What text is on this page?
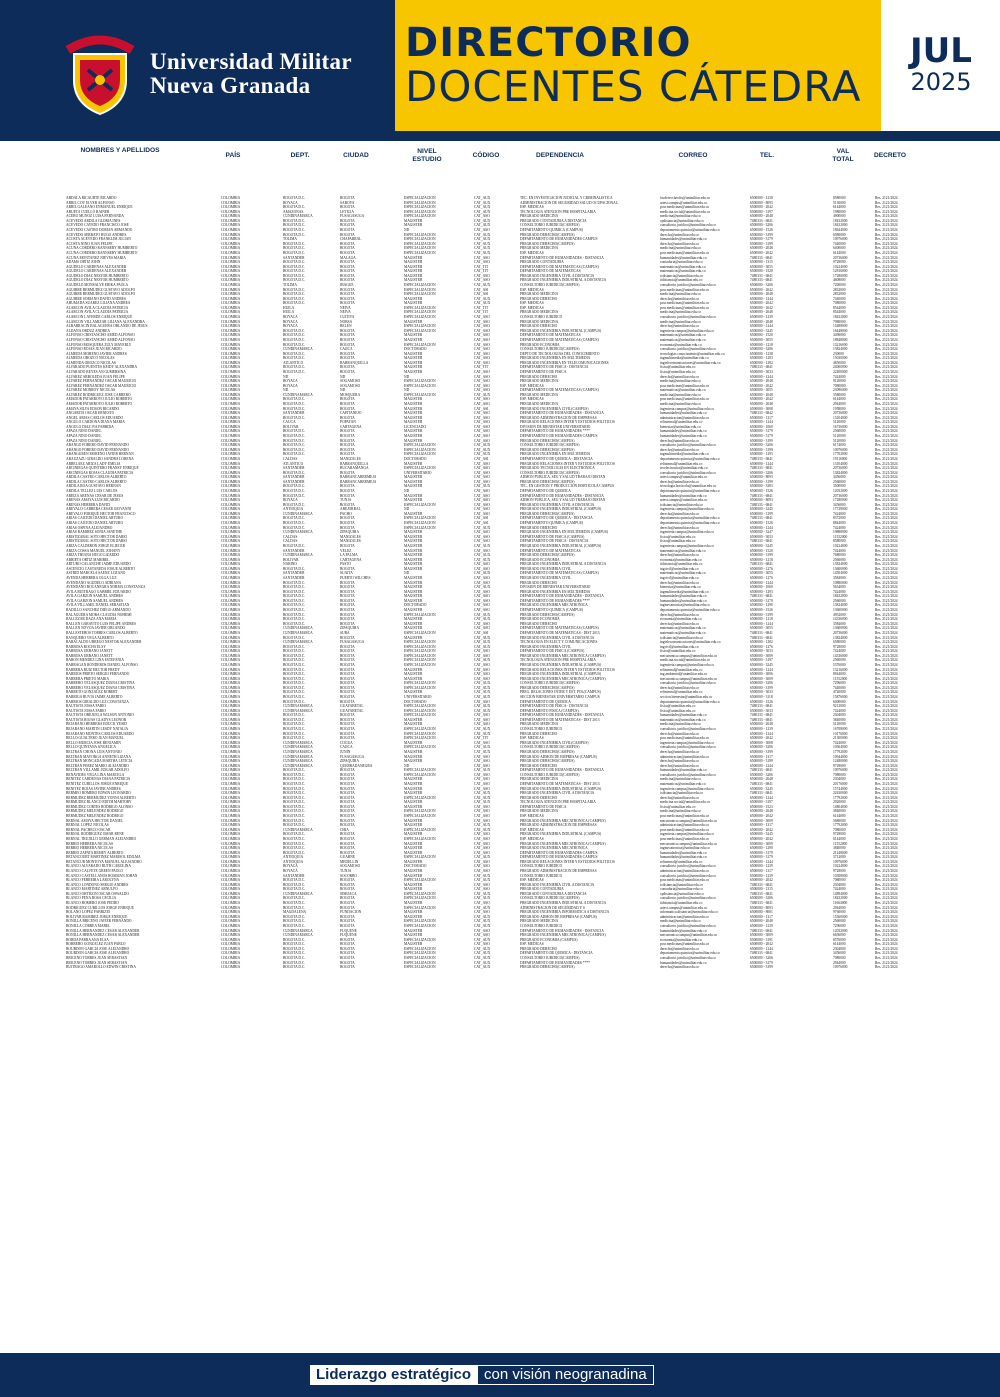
Universidad Militar
Nueva Granada
DIRECTORIO
DOCENTES CÁTEDRA
JUL
2025
NOMBRES Y APELLIDOS
PAÍS	DEPT.	CIUDAD
NIVEL ESTUDIO
CÓDIGO	DEPENDENCIA	CORREO	TEL.
VAL TOTAL
DECRETO
ABDALA RICAURTE RICARDO	COLOMBIA	BOGOTA D.C.	BOGOTA	ESPECIALIZACION	CAT_AUX	TEC. EN INVESTIGACION JUDICIAL Y CRIMINALISTICA	facdereccheofis@unimilitar.edu.co	6500000 - 1230	8580000	Res. 2121/2024
ABRIL COY ELVER ALFONSO	COLOMBIA	BOYACA	SABOYA	ESPECIALIZACION	CAT_AUX	ADMINISTRACION DE SEGURIDAD SALUD OCUPACIONAL	artest.campus@unimilitar.edu.co	6500000 - 8093	5130000	Res. 2121/2024
ABRIL GALEANO ENMANUEL ENRIQUE	COLOMBIA	BOGOTA D.C.	BOGOTA	ESPECIALIZACION	CAT_AUX	ESP. MEDICAS	posr.medicinas@unimilitar.edu.co	6500000 - 2042	6144000	Res. 2121/2024
ABUETA CUELLO RAINER	COLOMBIA	AMAZONAS	LETICIA	ESPECIALIZACION	CAT_AUX	TECNOLOGIA ATENCION PRE HOSPITALARIA	medicina.social@unimilitar.edu.co	6500000 - 3197	1980000	Res. 2121/2024
ACERO MUÑOZ LUISA FERNANDA	COLOMBIA	CUNDINAMARCA	FUSAGASUGA	ESPECIALIZACION	CAT_ASO	PREGRADO MEDICINA	medicina@unimilitar.edu.co	6500000 - 2048	4900000	Res. 2121/2024
ACEVEDO ARDILA GLORIA INES	COLOMBIA	BOGOTA D.C.	BOGOTA	MAGISTER	CAT_AUX	PREGRADO CONTADURIA A DISTANCIA	cpdistancia@unimilitar.edu.co	7480333 - 6841	18432000	Res. 2121/2024
ACEVEDO CAYEDO FRANCISCO JOSE	COLOMBIA	BOGOTA D.C.	BOGOTA	MAGISTER	CAT_AUX	CONSULTORIO JURIDICO(CAMPUS)	consultorio.juridico@unimilitar.edu.co	6500000 - 3206	18432000	Res. 2121/2024
ACEVEDO CASTRO DORIAN ARMANDO	COLOMBIA	BOGOTA D.C.	BOGOTA	ND	CAT_ASO	DEPARTAMENTO QUIMICA (CAMPUS)	departamento.quimica@unimilitar.edu.co	6500000 - 1526	18644000	Res. 2121/2024
ACEVEDO SERRATO HUGO ANDRES	COLOMBIA	BOGOTA D.C.	BOGOTA	ESPECIALIZACION	CAT_AUX	PREGRADO DERECHO(CAMPUS)	derecho@unimilitar.edu.co	6500000 - 3199	6580000	Res. 2121/2024
ACOSTA ACEVEDO FRANKLIM JULIAN	COLOMBIA	TOLIMA	CHAPARRAL	ESPECIALIZACION	CAT_AUX	DEPARTAMENTO DE HUMANIDADES CAMPUS	humanidades@unimilitar.edu.co	6500000 - 3179	10976000	Res. 2121/2024
ACOSTA NIÑO JUAN FELIPE	COLOMBIA	BOGOTA D.C.	BOGOTA	ESPECIALIZACION	CAT_AUX	PREGRADO DERECHO(CAMPUS)	derecho@unimilitar.edu.co	6500000 - 3199	7440000	Res. 2121/2024
ACUÑA CORDERO RANNSERY HUMBERTO	COLOMBIA	BOGOTA D.C.	BOGOTA	ESPECIALIZACION	CAT_AUX	PREGRADO MEDICINA	medicina@unimilitar.edu.co	6500000 - 2048	6400000	Res. 2121/2024
ACUÑA CORDERO RANNSERY HUMBERTO	COLOMBIA	BOGOTA D.C.	BOGOTA	ESPECIALIZACION	CAT_AUX	ESP. MEDICAS	posr.medicinas@unimilitar.edu.co	6500000 - 2042	6144000	Res. 2121/2024
ACUÑA MONTAÑEZ NIEVES MARIA	COLOMBIA	SANTANDER	MALAGA	MAGISTER	CAT_ASO	DEPARTAMENTO DE HUMANIDADES - DISTANCIA	humanidades@unimilitar.edu.co	7480333 - 6841	20736000	Res. 2121/2024
ADAMS ORTIZ JOHN	COLOMBIA	BOGOTA D.C.	BOGOTA	MAGISTER	CAT_ASO	PREGRADO CONTADURIA	contaduria@unimilitar.edu.co	6500000 - 1315	9728000	Res. 2121/2024
AGUDELO CARDENAS ALEXANDER	COLOMBIA	BOGOTA D.C.	BOGOTA	MAGISTER	CAT_TIT	DEPARTAMENTO DE MATEMATICAS (CAMPUS)	matematicas@unimilitar.edu.co	6500000 - 3055	10224000	Res. 2121/2024
AGUDELO CARDENAS ALEXANDER	COLOMBIA	BOGOTA D.C.	BOGOTA	MAGISTER	CAT_TIT	DEPARTAMENTO DE MATEMATICAS	matematicas@unimilitar.edu.co	6500000 - 1520	12816000	Res. 2121/2024
AGUDELO DIAZ NESTOR HUMBERTO	COLOMBIA	BOGOTA D.C.	BOGOTA	MAGISTER	CAT_ASO	PREGRADO INGENIERIA CIVIL A DISTANCIA	icdistancia@unimilitar.edu.co	7480333 - 6841	17280000	Res. 2121/2024
AGUDELO DIAZ NESTOR HUMBERTO	COLOMBIA	BOGOTA D.C.	BOGOTA	MAGISTER	CAT_ASO	PREGRADO INGENIERIA INDUSTRIAL A DISTANCIA	iidistancia@unimilitar.edu.co	7480333 - 6841	4608000	Res. 2121/2024
AGUDELO MONSALVE ERIKA PAOLA	COLOMBIA	TOLIMA	IBAGUE	ESPECIALIZACION	CAT_AUX	CONSULTORIO JURIDICO(CAMPUS)	consultorio.juridico@unimilitar.edu.co	6500000 - 3206	7200000	Res. 2121/2024
AGUIRRE BERMUDEZ GUSTAVO ADOLFO	COLOMBIA	BOGOTA D.C.	BOGOTA	ESPECIALIZACION	CAT_ASI	ESP. MEDICAS	posr.medicinas@unimilitar.edu.co	6500000 - 2042	2832000	Res. 2121/2024
AGUIRRE BERMUDEZ GUSTAVO ADOLFO	COLOMBIA	BOGOTA D.C.	BOGOTA	ESPECIALIZACION	CAT_ASI	PREGRADO MEDICINA	medicina@unimilitar.edu.co	6500000 - 2048	2832000	Res. 2121/2024
AGUIRRE SORIANO DAVID ANDRES	COLOMBIA	BOGOTA D.C.	BOGOTA	MAGISTER	CAT_AUX	PREGRADO DERECHO	derecho@unimilitar.edu.co	6500000 - 1244	7440000	Res. 2121/2024
AHUMADA SUAREZ LILIANA ANDREA	COLOMBIA	BOGOTA D.C.	BOGOTA	MAGISTER	CAT_AUX	ESP. MEDICAS	posr.medicinas@unimilitar.edu.co	6500000 - 2042	7080000	Res. 2121/2024
ALARCON AVILA CLAUDIA PATRICIA	COLOMBIA	HUILA	NEIVA	ESPECIALIZACION	CAT_TIT	ESP. MEDICAS	posr.medicinas@unimilitar.edu.co	6500000 - 2042	8544000	Res. 2121/2024
ALARCON AVILA CLAUDIA PATRICIA	COLOMBIA	HUILA	NEIVA	ESPECIALIZACION	CAT_TIT	PREGRADO MEDICINA	medicina@unimilitar.edu.co	6500000 - 2048	8544000	Res. 2121/2024
ALARCON LAVERDE CARLOS ENRIQUE	COLOMBIA	BOYACA	CUITIVA	ESPECIALIZACION	CAT_ASO	CONSULTORIO JURIDICO	consultorio.juridico@unimilitar.edu.co	6500000 - 1239	18432000	Res. 2121/2024
ALARCON VILLAMIZAR LILIANA ALEXANDRA	COLOMBIA	BOYACA	NOBSA	MAGISTER	CAT_ASO	PREGRADO MEDICINA	medicina@unimilitar.edu.co	6500000 - 2048	7080000	Res. 2121/2024
ALBARRACIN BALAGUERA ORLANDO DE JESUS	COLOMBIA	BOYACA	BELEN	ESPECIALIZACION	CAT_ASO	PREGRADO DERECHO	derecho@unimilitar.edu.co	6500000 - 1244	15488000	Res. 2121/2024
ALDANA ORDUZ ANDREA	COLOMBIA	BOGOTA D.C.	BOGOTA	ESPECIALIZACION	CAT_ASO	PREGRADO INGENIERIA INDUSTRIAL (CAMPUS)	ingenieria.campus@unimilitar.edu.co	6500000 - 3245	16448000	Res. 2121/2024
ALFONSO CRISTANCHO AMED ALFONSO	COLOMBIA	BOGOTA D.C.	BOGOTA	MAGISTER	CAT_ASO	DEPARTAMENTO DE MATEMATICAS	matematicas@unimilitar.edu.co	6500000 - 1520	3496000	Res. 2121/2024
ALFONSO CRISTANCHO AMED ALFONSO	COLOMBIA	BOGOTA D.C.	BOGOTA	MAGISTER	CAT_ASO	DEPARTAMENTO DE MATEMATICAS (CAMPUS)	matematicas@unimilitar.edu.co	6500000 - 3055	18848000	Res. 2121/2024
ALFONSO MOSQUERA ZULY MAYERLY	COLOMBIA	BOGOTA D.C.	BOGOTA	ESPECIALIZACION	CAT_ASO	PREGRADO ECONOMIA	economia@unimilitar.edu.co	6500000 - 1218	13216000	Res. 2121/2024
ALFONSO ROJAS JUAN RICARDO	COLOMBIA	CUNDINAMARCA	CAJICA	DOCTORADO	CAT_ASO	CONSULTORIO JURIDICO(CAMPUS)	consultorio.juridico@unimilitar.edu.co	6500000 - 3206	13824000	Res. 2121/2024
ALMEIDA MORENO JAVIER ANDRES	COLOMBIA	BOGOTA D.C.	BOGOTA	MAGISTER	CAT_ASO	DEPTO DE TECNOLOGIAS DEL CONOCIMIENTO	tecnologias.conocimiento@unimilitar.edu.co	6500000 - 1238	230000	Res. 2121/2024
ALMEIDA OROZCO NICOLAS	COLOMBIA	BOGOTA D.C.	BOGOTA	MAGISTER	CAT_ASO	PREGRADO INGENIERIA EN MULTIMEDIA	ingmultimedia@unimilitar.edu.co	6500000 - 1293	15030000	Res. 2121/2024
ALMENDA OROZCO NICOLAS	COLOMBIA	ATLANTICO	BARRANQUILLA	MAGISTER	CAT_ASO	PREGRADO INGENIERIA EN TELECOMUNICACIONES	ingtelecomunicaciones@unimilitar.edu.co	6500000 - 1282	4650000	Res. 2121/2024
ALVARADO PUENTES KEIDY ALEXANDRA	COLOMBIA	BOGOTA D.C.	BOGOTA	MAGISTER	CAT_TIT	DEPARTAMENTO DE FISICA - DISTANCIA	fisica@unimilitar.edu.co	7480333 - 6841	24000000	Res. 2121/2024
ALVARADO REYES AN GUMERSINA	COLOMBIA	BOGOTA D.C.	BOGOTA	MAGISTER	CAT_ASO	DEPARTAMENTO DE FISICA	fisica@unimilitar.edu.co	6500000 - 3033	22400000	Res. 2121/2024
ALVAREZ ARBOLEDA JUAN FELIPE	COLOMBIA	ND	ND	ND	CAT_ASO	PREGRADO DERECHO	derecho@unimilitar.edu.co	6500000 - 1244	7424000	Res. 2121/2024
ALVAREZ FERNANDEZ OSCAR MAURICIO	COLOMBIA	BOYACA	SOGAMOSO	ESPECIALIZACION	CAT_ASO	PREGRADO MEDICINA	medicina@unimilitar.edu.co	6500000 - 2048	9120000	Res. 2121/2024
ALVAREZ FERNANDEZ OSCAR MAURICIO	COLOMBIA	BOYACA	SOGAMOSO	ESPECIALIZACION	CAT_ASO	ESP. MEDICAS	posr.medicinas@unimilitar.edu.co	6500000 - 2042	7080000	Res. 2121/2024
ALVAREZ MONROY NICOLAS	COLOMBIA	ND	ND	ND	CAT_ASO	DEPARTAMENTO DE MATEMATICAS (CAMPUS)	matematicas@unimilitar.edu.co	6500000 - 3055	23096000	Res. 2121/2024
ALVAREZ RODRIGUEZ JOSE CARRERO	COLOMBIA	CUNDINAMARCA	MOSQUERA	ESPECIALIZACION	CAT_AUX	PREGRADO MEDICINA	medicina@unimilitar.edu.co	6500000 - 2048	3580000	Res. 2121/2024
AMADOR PATARROYO JULIO ROBERTO	COLOMBIA	BOGOTA D.C.	BOGOTA	MAGISTER	CAT_ASO	ESP. MEDICAS	posr.medicinas@unimilitar.edu.co	6500000 - 2042	6144000	Res. 2121/2024
AMADOR PATARROYO JULIO ROBERTO	COLOMBIA	BOGOTA D.C.	BOGOTA	MAGISTER	CAT_ASO	PREGRADO MEDICINA	medicina@unimilitar.edu.co	6500000 - 2048	2944000	Res. 2121/2024
AMAYA SILVA EDSON RICARDO	COLOMBIA	BOGOTA D.C.	BOGOTA	MAGISTER	CAT_ASI	PREGRADO INGENIERIA CIVIL(CAMPUS)	ingenieria.campus@unimilitar.edu.co	6500000 - 3008	1958000	Res. 2121/2024
ANGARITA OSCAR ERNESTO	COLOMBIA	SANTANDER	CAPITANEJO	MAGISTER	CAT_ASO	DEPARTAMENTO DE HUMANIDADES - DISTANCIA	humanidades@unimilitar.edu.co	7480333 - 6842	20736000	Res. 2121/2024
ANGEL ARIAS CARLOS EDUARDO	COLOMBIA	BOGOTA D.C.	BOGOTA	MAGISTER	CAT_ASO	PREGRADO ADMINISTRACION DE EMPRESAS	administracion@unimilitar.edu.co	6500000 - 1317	13104000	Res. 2121/2024
ANGULO CARDONA DIANA MARIA	COLOMBIA	CAUCA	POPAYAN	MAGISTER	CAT_ASO	PREGRADO RELACIONES INTER Y ESTUDIOS POLITICOS	relinternal@unimilitar.edu.co	6500000 - 1244	5120000	Res. 2121/2024
ANGULO DIAZ IVA FABRIDA	COLOMBIA	BOLIVAR	CARTAGENA	LICENCIADO	CAT_ASO	DIVISION DE BIENESTAR UNIVERSITARIO	bienestar@unimilitar.edu.co	6500000 - 1060	16736000	Res. 2121/2024
APAZA NIÑO DANIEL	COLOMBIA	BOGOTA D.C.	BOGOTA	MAGISTER	CAT_ASO	DEPARTAMENTO DE HUMANIDADES ****	humanidades@unimilitar.edu.co	6500000 - 3179	2560000	Res. 2121/2024
APAZA NIÑO DANIEL	COLOMBIA	BOGOTA D.C.	BOGOTA	MAGISTER	CAT_ASO	DEPARTAMENTO DE HUMANIDADES CAMPUS	humanidades@unimilitar.edu.co	6500000 - 3179	5120000	Res. 2121/2024
APAZA NIÑO DANIEL	COLOMBIA	BOGOTA D.C.	BOGOTA	MAGISTER	CAT_ASO	PREGRADO DERECHO(CAMPUS)	derecho@unimilitar.edu.co	6500000 - 3199	5120000	Res. 2121/2024
ARANGO FORERO DAVID FERNANDO	COLOMBIA	BOGOTA D.C.	BOGOTA	ESPECIALIZACION	CAT_AUX	CONSULTORIO JURIDICO(CAMPUS)	consultorio.juridico@unimilitar.edu.co	6500000 - 3206	6174000	Res. 2121/2024
ARANGO FORERO DAVID FERNANDO	COLOMBIA	BOGOTA D.C.	BOGOTA	ESPECIALIZACION	CAT_AUX	PREGRADO DERECHO(CAMPUS)	derecho@unimilitar.edu.co	6500000 - 3199	10976000	Res. 2121/2024
ARANGUREN MOREÑO JAVIER HERNAN	COLOMBIA	BOGOTA D.C.	BOGOTA	ESPECIALIZACION	CAT_AUX	PREGRADO INGENIERIA EN MULTIMEDIA	ingmultimedia@unimilitar.edu.co	6500000 - 1293	17702000	Res. 2121/2024
ARAUZAZU GIRALDO SANDRA LORENA	COLOMBIA	CALDAS	MANIZALES	DOCTORADO	CAT_ASI	DEPARTAMENTO DE QUIMICA - DISTANCIA	departamento.quimica@unimilitar.edu.co	7480333 - 6841	19116000	Res. 2121/2024
ARBELAEZ ARIZA LADY EMILIA	COLOMBIA	ATLANTICO	BARRANQUILLA	MAGISTER	CAT_ASO	PREGRADO RELACIONES INTER Y ESTUDIOS POLITICOS	relinternal@unimilitar.edu.co	6500000 - 1244	13104000	Res. 2121/2024
ARCINIEGAS QUINTERO FRANSY ENRIQUE	COLOMBIA	SANTANDER	BUCARAMANGA	ESPECIALIZACION	CAT_ASO	PREGRADO TECNOLOGIA EN ELECTRONICA	tecelectronica@unimilitar.edu.co	7480333 - 6841	20736000	Res. 2121/2024
ARCINIEGAS ROJAS CLAUDIA PATRICIA	COLOMBIA	BOGOTA D.C.	BOGOTA	UNIVERSITARIO	CAT_ASO	CONSULTORIO JURIDICO(CAMPUS)	consultorio.juridico@unimilitar.edu.co	6500000 - 3206	13824000	Res. 2121/2024
ARDILA CASTRO CARLOS ALBERTO	COLOMBIA	SANTANDER	BARRANCABERMEJA	MAGISTER	CAT_ASO	ADMON PUBLICA, SEG Y SALUD TRABAJO DISTAN	artest.campus@unimilitar.edu.co	6500000 - 8093	3456000	Res. 2121/2024
ARDILA CASTRO CARLOS ALBERTO	COLOMBIA	SANTANDER	BARRANCABERMEJA	MAGISTER	CAT_ASO	PREGRADO DERECHO(CAMPUS)	derecho@unimilitar.edu.co	6500000 - 3199	2560000	Res. 2121/2024
ARDILA ROA GUSTAVO HERNAN	COLOMBIA	BOGOTA D.C.	BOGOTA	MAGISTER	CAT_AUX	TEC. EN GESTION Y PRODUCCION HORTICOLA CAMPUS	tecnologia.horticola@unimilitar.edu.co	6500000 - 3383	3500000	Res. 2121/2024
ARDILA TELLEZ LUIS CARLOS	COLOMBIA	BOGOTA D.C.	BOGOTA	ND	CAT_ASO	DEPARTAMENTO DE QUIMICA	departamento.quimica@unimilitar.edu.co	6500000 - 1526	12032000	Res. 2121/2024
AREIZA ARENAS CESAR DE JESUS	COLOMBIA	BOGOTA D.C.	BOGOTA	MAGISTER	CAT_ASO	DEPARTAMENTO DE HUMANIDADES - DISTANCIA	humanidades@unimilitar.edu.co	7480333 - 6841	20736000	Res. 2121/2024
ARENAS AMAYA LUIS RICARDO	COLOMBIA	BOYACA	TUNJA	MAGISTER	CAT_ASO	ADMON PUBLICA, SEG Y SALUD TRABAJO DISTAN	artest.campus@unimilitar.edu.co	6500000 - 8093	17280000	Res. 2121/2024
ARENAS HERRERA DAVID	COLOMBIA	BOGOTA D.C.	BOGOTA	ESPECIALIZACION	CAT_ASO	PREGRADO INGENIERIA CIVIL A DISTANCIA	icdistancia@unimilitar.edu.co	7480333 - 6841	3456000	Res. 2121/2024
AREVALO CABRERA CESAR GIOVANNI	COLOMBIA	ANTIOQUIA	ABEJORRAL	ND	CAT_ASO	PREGRADO INGENIERIA INDUSTRIAL (CAMPUS)	ingenieria.campus@unimilitar.edu.co	6500000 - 3245	17728000	Res. 2121/2024
AREVALO FORIQUE HECTOR FRANCISCO	COLOMBIA	CUNDINAMARCA	PACHO	MAGISTER	CAT_ASO	PREGRADO DERECHO(CAMPUS)	derecho@unimilitar.edu.co	6500000 - 3199	7424000	Res. 2121/2024
ARIAS CAICEDO DANIEL ARTURO	COLOMBIA	BOGOTA D.C.	BOGOTA	ESPECIALIZACION	CAT_ASI	DEPARTAMENTO DE QUIMICA - DISTANCIA	departamento.quimica@unimilitar.edu.co	7480333 - 6841	8372000	Res. 2121/2024
ARIAS CAICEDO DANIEL ARTURO	COLOMBIA	BOGOTA D.C.	BOGOTA	ESPECIALIZACION	CAT_ASI	DEPARTAMENTO QUIMICA (CAMPUS)	departamento.quimica@unimilitar.edu.co	6500000 - 1526	8844000	Res. 2121/2024
ARIAS OSPINA ALEJANDRO	COLOMBIA	BOGOTA D.C.	BOGOTA	ESPECIALIZACION	CAT_AUX	PREGRADO DERECHO	derecho@unimilitar.edu.co	6500000 - 1244	7424000	Res. 2121/2024
ARIAS RAMIREZ SONIA JANETHE	COLOMBIA	CUNDINAMARCA	ZIPAQUIRA	MAGISTER	CAT_ASO	PREGRADO INGENIERIA EN MULTIMEDIA (CAMPUS)	ingenieria.campus@unimilitar.edu.co	6500000 - 3247	19888000	Res. 2121/2024
ARISTIZABAL SOTO HECTOR DARIO	COLOMBIA	CALDAS	MANIZALES	MAGISTER	CAT_ASO	DEPARTAMENTO DE FISICA (CAMPUS)	fisica@unimilitar.edu.co	6500000 - 3033	11552000	Res. 2121/2024
ARISTIZABAL SOTO HECTOR DARIO	COLOMBIA	CALDAS	MANIZALES	MAGISTER	CAT_ASO	DEPARTAMENTO DE FISICA - DISTANCIA	fisica@unimilitar.edu.co	7480333 - 6841	8580000	Res. 2121/2024
ARIZA CALDERON JORGE ELIECER	COLOMBIA	BOGOTA D.C.	BOGOTA	MAGISTER	CAT_AUX	PREGRADO INGENIERIA INDUSTRIAL (CAMPUS)	ingenieria.campus@unimilitar.edu.co	6500000 - 3245	10224000	Res. 2121/2024
ARIZA COSSA MANUEL JOHANY	COLOMBIA	SANTANDER	VELEZ	MAGISTER	CAT_ASO	DEPARTAMENTO DE MATEMATICAS	matematicas@unimilitar.edu.co	6500000 - 1520	7424000	Res. 2121/2024
ARIZA THIANA HUGO LIZARDO	COLOMBIA	CUNDINAMARCA	LA PALMA	MAGISTER	CAT_AUX	PREGRADO DERECHO(CAMPUS)	derecho@unimilitar.edu.co	6500000 - 3199	7680000	Res. 2121/2024
ARRIETA ORTIZ MARIBEL	COLOMBIA	BOLIVAR	CARTAGENA	MAGISTER	CAT_AUX	PREGRADO ECONOMIA	economia@unimilitar.edu.co	6500000 - 1218	2560000	Res. 2121/2024
ARTURO CALANCHE JAIME EDUARDO	COLOMBIA	NARIÑO	PASTO	MAGISTER	CAT_ASO	PREGRADO INGENIERIA INDUSTRIAL A DISTANCIA	iidistancia@unimilitar.edu.co	7480333 - 6841	13824000	Res. 2121/2024
ASCENCIO CASTAÑEDA JOSUE ALBERTO	COLOMBIA	BOGOTA D.C.	BOGOTA	MAGISTER	CAT_ASO	PREGRADO INGENIERIA CIVIL	ingcivil@unimilitar.edu.co	6500000 - 1276	13600000	Res. 2121/2024
ASTRID MARCELA SAENZ LOZANO	COLOMBIA	SANTANDER	SUAITA	ND	CAT_AUX	DEPARTAMENTO DE MATEMATICAS (CAMPUS)	matematicas@unimilitar.edu.co	6500000 - 3055	14504000	Res. 2121/2024
AVENDA HERRERA OLGA LUZ	COLOMBIA	SANTANDER	PUERTO WILCHES	MAGISTER	CAT_ASO	PREGRADO INGENIERIA CIVIL	ingcivil@unimilitar.edu.co	6500000 - 1276	3584000	Res. 2121/2024
AVENDAÑO AGUDELO ADRIANA	COLOMBIA	BOGOTA D.C.	BOGOTA	MAGISTER	CAT_ASO	PREGRADO DERECHO	derecho@unimilitar.edu.co	6500000 - 1244	10880000	Res. 2121/2024
AVENDAÑO BOCANEGRA NORMA CONSTANZA	COLOMBIA	BOGOTA D.C.	BOGOTA	MAGISTER	CAT_AUX	DIVISION DE BIENESTAR UNIVERSITARIO	bienestar@unimilitar.edu.co	6500000 - 1060	5634000	Res. 2121/2024
AVILA BUITRAGO GABRIEL EDUARDO	COLOMBIA	BOGOTA D.C.	BOGOTA	MAGISTER	CAT_ASO	PREGRADO INGENIERIA EN MULTIMEDIA	ingmultimedia@unimilitar.edu.co	6500000 - 1293	7424000	Res. 2121/2024
AVILA GARZON SAMUEL ANDRES	COLOMBIA	BOGOTA D.C.	BOGOTA	MAGISTER	CAT_ASO	DEPARTAMENTO DE HUMANIDADES - DISTANCIA	humanidades@unimilitar.edu.co	7480333 - 6841	18432000	Res. 2121/2024
AVILA GARZON SAMUEL ANDRES	COLOMBIA	BOGOTA D.C.	BOGOTA	MAGISTER	CAT_ASO	DEPARTAMENTO DE HUMANIDADES ****	humanidades@unimilitar.edu.co	6500000 - 3179	2560000	Res. 2121/2024
AVILA VILLAMIL DANIEL SEBASTIAN	COLOMBIA	BOGOTA D.C.	BOGOTA	DOCTORADO	CAT_ASO	PREGRADO INGENIERIA MECATRONICA	ingmecatronica@unimilitar.edu.co	6500000 - 1290	13824000	Res. 2121/2024
BADILLO SANCHEZ DIEGO ARMANDO	COLOMBIA	BOGOTA D.C.	BOGOTA	MAGISTER	CAT_ASO	DEPARTAMENTO QUIMICA (CAMPUS)	departamento.quimica@unimilitar.edu.co	6500000 - 1526	13600000	Res. 2121/2024
BALAGUERA MORA CLAUDIA NOHEMI	COLOMBIA	BOGOTA D.C.	BOGOTA	ESPECIALIZACION	CAT_AUX	PREGRADO DERECHO(CAMPUS)	derecho@unimilitar.edu.co	6500000 - 3199	4952000	Res. 2121/2024
BALLEZAR DAZA ANA MARIA	COLOMBIA	BOGOTA D.C.	BOGOTA	MAGISTER	CAT_AUX	PREGRADO ECONOMIA	economia@unimilitar.edu.co	6500000 - 1218	14336000	Res. 2121/2024
BALLEN GARAVITO LUIS FELIPE ANDRES	COLOMBIA	BOGOTA D.C.	BOGOTA	MAGISTER	CAT_ASO	PREGRADO DERECHO	derecho@unimilitar.edu.co	6500000 - 1244	3584000	Res. 2121/2024
BALLEN NOVOA JAVIER ORLANDO	COLOMBIA	CUNDINAMARCA	ZIPAQUIRA	MAGISTER	CAT_ASO	DEPARTAMENTO DE MATEMATICAS (CAMPUS)	matematicas@unimilitar.edu.co	6500000 - 3055	13600000	Res. 2121/2024
BALLESTEROS TORRES CARLOS ALBERTO	COLOMBIA	CUNDINAMARCA	SUBA	ESPECIALIZACION	CAT_ASI	DEPARTAMENTO DE MATEMATICAS - DIST 2013	matematicas@unimilitar.edu.co	7480333 - 6841	20736000	Res. 2121/2024
BANQUERO VEGA ALBERTO	COLOMBIA	BOGOTA D.C.	BOGOTA	MAGISTER	CAT_AUX	PREGRADO INGENIERIA CIVIL A DISTANCIA	icdistancia@unimilitar.edu.co	7480333 - 6841	13824000	Res. 2121/2024
BARACALDO URREGO NESTOR ALEXANDER	COLOMBIA	CUNDINAMARCA	FUSAGASUGA	ESPECIALIZACION	CAT_AUX	TECNOLOGIA EN ELECT Y COMUNICACIONES	ingtelecomunicaciones@unimilitar.edu.co	6500000 - 1282	6580000	Res. 2121/2024
BARBOSA ROCHA ELSY	COLOMBIA	BOGOTA D.C.	BOGOTA	ESPECIALIZACION	CAT_AUX	PREGRADO INGENIERIA CIVIL	ingcivil@unimilitar.edu.co	6500000 - 1276	9728000	Res. 2121/2024
BARBOSA URBANO JANETT	COLOMBIA	BOGOTA D.C.	BOGOTA	ESPECIALIZACION	CAT_ASO	DEPARTAMENTO DE FISICA (CAMPUS)	fisica@unimilitar.edu.co	6500000 - 3033	7424000	Res. 2121/2024
BARBOSA URBANO JANETT	COLOMBIA	BOGOTA D.C.	BOGOTA	ESPECIALIZACION	CAT_ASO	PREGRADO INGENIERIA MECATRONICA (CAMPUS)	mecatronica.campus@unimilitar.edu.co	6500000 - 3009	14336000	Res. 2121/2024
BARON MENDEZ LINA ESTEFANIA	COLOMBIA	BOGOTA D.C.	BOGOTA	ESPECIALIZACION	CAT_AUX	TECNOLOGIA ATENCION PRE HOSPITALARIA	medicina.social@unimilitar.edu.co	6500000 - 3197	2560000	Res. 2121/2024
BARRAGAN RONDEROS DANIEL ALFONSO	COLOMBIA	BOGOTA D.C.	BOGOTA	ESPECIALIZACION	CAT_ASO	PREGRADO INGENIERIA INDUSTRIAL (CAMPUS)	ingenieria.campus@unimilitar.edu.co	6500000 - 3245	5376000	Res. 2121/2024
BARRERA RUIZ HECTOR FREDY	COLOMBIA	BOGOTA D.C.	BOGOTA	MAGISTER	CAT_ASO	PREGRADO RELACIONES INTER Y ESTUDIOS POLITICOS	relinternal@unimilitar.edu.co	6500000 - 1244	13216000	Res. 2121/2024
BARRIOS PRIETO SERGIO FERNANDO	COLOMBIA	BOGOTA D.C.	BOGOTA	MAGISTER	CAT_ASO	PREGRADO INGENIERIA INDUSTRIAL (CAMPUS)	ing.ambiental@unimilitar.edu.co	6500000 - 3006	8944000	Res. 2121/2024
BARRERA PRIETO MARIA	COLOMBIA	BOGOTA D.C.	BOGOTA	MAGISTER	CAT_ASO	PREGRADO INGENIERIA MECATRONICA (CAMPUS)	mecatronica.campus@unimilitar.edu.co	6500000 - 3009	11552000	Res. 2121/2024
BARRERO VELASQUEZ DIANA CRISTINA	COLOMBIA	BOGOTA D.C.	BOGOTA	ESPECIALIZACION	CAT_AUX	CONSULTORIO JURIDICO(CAMPUS)	consultorio.juridico@unimilitar.edu.co	6500000 - 3206	7296000	Res. 2121/2024
BARRERO VELASQUEZ DIANA CRISTINA	COLOMBIA	BOGOTA D.C.	BOGOTA	ESPECIALIZACION	CAT_AUX	PREGRADO DERECHO(CAMPUS)	derecho@unimilitar.edu.co	6500000 - 3199	7440000	Res. 2121/2024
BARRETO GONZALEZ ROBERT	COLOMBIA	BOGOTA D.C.	BOGOTA	MAGISTER	CAT_AUX	PREG. RELACIONES INTER Y EST. POL(CAMPUS)	relinternal@unimilitar.edu.co	6500000 - 3033	4720000	Res. 2121/2024
BARRIGA RUVIA JAIME ALBERTO	COLOMBIA	BOGOTA D.C.	BOGOTA	UNIVERSITARIO	CAT_AUX	SECCION BIENESTAR UNIVERSITARIO CAMPUS	seccion.bienestar@unimilitar.edu.co	6500000 - 3118	15876000	Res. 2121/2024
BARRIOS GIRALDO LUZ CONSTANZA	COLOMBIA	BOGOTA D.C.	BOGOTA	DOCTORADO	CAT_ASO	DEPARTAMENTO DE QUIMICA	departamento.quimica@unimilitar.edu.co	6500000 - 1526	6400000	Res. 2121/2024
BAUTISTA JOSSA FABIO	COLOMBIA	CUNDINAMARCA	GUAYABETAL	ESPECIALIZACION	CAT_AUX	DEPARTAMENTO DE FISICA - DISTANCIA	fisica@unimilitar.edu.co	7480333 - 6841	9212000	Res. 2121/2024
BAUTISTA JOSSA FABIO	COLOMBIA	CUNDINAMARCA	GUAYABETAL	ESPECIALIZACION	CAT_AUX	DEPARTAMENTO FISICA (CAMPUS)	fisica@unimilitar.edu.co	6500000 - 3033	7424000	Res. 2121/2024
BAUTISTA OREJUELA WILSON ANTONIO	COLOMBIA	BOGOTA D.C.	BOGOTA	ESPECIALIZACION	CAT_ASO	DEPARTAMENTO DE HUMANIDADES - DISTANCIA	humanidades@unimilitar.edu.co	7480333 - 6841	2304000	Res. 2121/2024
BAUTISTA ROJAS GLADYS LEONOR	COLOMBIA	BOGOTA D.C.	BOGOTA	MAGISTER	CAT_ASO	DEPARTAMENTO DE MATEMATICAS - DIST 2013	matematicas@unimilitar.edu.co	7480333 - 6841	3840000	Res. 2121/2024
BEJARANO HERRERA EDUCK YESID	COLOMBIA	BOGOTA D.C.	BOGOTA	MAGISTER	CAT_ASO	PREGRADO MEDICINA	medicina@unimilitar.edu.co	6500000 - 2048	5120000	Res. 2121/2024
BEJARANO MARTIN LESDY NATALIA	COLOMBIA	BOGOTA D.C.	BOGOTA	ESPECIALIZACION	CAT_AUX	CONSULTORIO JURIDICO	consultorio.juridico@unimilitar.edu.co	6500000 - 1239	16708000	Res. 2121/2024
BEJARANO MONTES CARLOS EDUARDO	COLOMBIA	BOGOTA D.C.	BOGOTA	ESPECIALIZACION	CAT_AUX	PREGRADO DERECHO	derecho@unimilitar.edu.co	6500000 - 1244	10176000	Res. 2121/2024
BELLO GUALTERO JUAN MANUEL	COLOMBIA	BOGOTA D.C.	BOGOTA	ESPECIALIZACION	CAT_TIT	ESP. MEDICAS	posr.medicinas@unimilitar.edu.co	6500000 - 2042	21300000	Res. 2121/2024
BELLO MURCIA JOSE BENJAMIN	COLOMBIA	CUNDINAMARCA	COGUA	MAGISTER	CAT_ASO	PREGRADO INGENIERIA CIVIL(CAMPUS)	ingenieria.campus@unimilitar.edu.co	6500000 - 3008	7424000	Res. 2121/2024
BELLO QUINTANA ANGELICA	COLOMBIA	CUNDINAMARCA	CAJICA	ESPECIALIZACION	CAT_AUX	CONSULTORIO JURIDICO(CAMPUS)	consultorio.juridico@unimilitar.edu.co	6500000 - 3206	10564000	Res. 2121/2024
BELTRAN CHONA LUIS ANTONIO	COLOMBIA	CUNDINAMARCA	JUNIN	MAGISTER	CAT_AUX	PREGRADO DERECHO(CAMPUS)	derecho@unimilitar.edu.co	6500000 - 3199	17792000	Res. 2121/2024
BELTRAN MAYORGA ANNETH LIZANA	COLOMBIA	CUNDINAMARCA	FUSAGASUGA	MAGISTER	CAT_ASO	PREGRADO ADMON DE EMPRESAS (CAMPUS)	administracion@unimilitar.edu.co	6500000 - 1317	10944000	Res. 2121/2024
BELTRAN MONCADA MARTHA LETICIA	COLOMBIA	CUNDINAMARCA	ZIPAQUIRA	MAGISTER	CAT_ASO	PREGRADO DERECHO(CAMPUS)	derecho@unimilitar.edu.co	6500000 - 3199	12480000	Res. 2121/2024
BELTRAN PEREZ MARIO ALEJANDRO	COLOMBIA	CUNDINAMARCA	QUEBRADANEGRA	ND	CAT_ASO	PREGRADO DERECHO	derecho@unimilitar.edu.co	6500000 - 1244	9728000	Res. 2121/2024
BELTRAN VILLAMIL EDGAR ADOLFO	COLOMBIA	BOGOTA D.C.	BOGOTA	ESPECIALIZACION	CAT_AUX	DEPARTAMENTO DE HUMANIDADES - DISTANCIA	humanidades@unimilitar.edu.co	7480333 - 6841	10976000	Res. 2121/2024
BENAVIDES VEGA LINA MARCELA	COLOMBIA	BOGOTA D.C.	BOGOTA	ESPECIALIZACION	CAT_ASO	CONSULTORIO JURIDICO(CAMPUS)	consultorio.juridico@unimilitar.edu.co	6500000 - 3206	7080000	Res. 2121/2024
BENITEZ CARDENAS DIANA PATRICIA	COLOMBIA	BOGOTA D.C.	BOGOTA	MAGISTER	CAT_ASO	PREGRADO MEDICINA	medicina@unimilitar.edu.co	6500000 - 2048	2304000	Res. 2121/2024
BENITEZ CUBILLOS JORGE ENRIQUE	COLOMBIA	BOGOTA D.C.	BOGOTA	MAGISTER	CAT_ASO	DEPARTAMENTO DE MATEMATICAS - DIST 2013	matematicas@unimilitar.edu.co	7480333 - 6841	20176000	Res. 2121/2024
BENITEZ ROJAS JAVIER ANDRES	COLOMBIA	BOGOTA D.C.	BOGOTA	MAGISTER	CAT_ASO	PREGRADO INGENIERIA INDUSTRIAL (CAMPUS)	ingenieria.campus@unimilitar.edu.co	6500000 - 3245	15744000	Res. 2121/2024
BERMEO ROMERO EDWIN LEONARDO	COLOMBIA	BOGOTA D.C.	BOGOTA	MAGISTER	CAT_AUX	PREGRADO INGENIERIA CIVIL A DISTANCIA	icdistancia@unimilitar.edu.co	7480333 - 6841	22430000	Res. 2121/2024
BERMUDEZ BERMUDEZ YONNI ALBERTO	COLOMBIA	BOGOTA D.C.	BOGOTA	ESPECIALIZACION	CAT_AUX	PREGRADO DERECHO	derecho@unimilitar.edu.co	6500000 - 1244	17792000	Res. 2121/2024
BERMUDEZ BLANCO EDITH MARTORY	COLOMBIA	BOGOTA D.C.	BOGOTA	MAGISTER	CAT_AUX	TECNOLOGIA ATENCION PRE HOSPITALARIA	medicina.social@unimilitar.edu.co	6500000 - 3197	2920000	Res. 2121/2024
BERMUDEZ CORTES RODRIGO ALONSO	COLOMBIA	BOGOTA D.C.	BOGOTA	MAGISTER	CAT_ASO	DEPARTAMENTO DE FISICA	fisica@unimilitar.edu.co	6500000 - 1523	14804000	Res. 2121/2024
BERMUDEZ MELENDEZ RODRIGO	COLOMBIA	BOGOTA D.C.	BOGOTA	ESPECIALIZACION	CAT_ASO	PREGRADO MEDICINA	medicina@unimilitar.edu.co	6500000 - 2048	3840000	Res. 2121/2024
BERMUDEZ MELENDEZ RODRIGO	COLOMBIA	BOGOTA D.C.	BOGOTA	ESPECIALIZACION	CAT_ASO	ESP. MEDICAS	posr.medicinas@unimilitar.edu.co	6500000 - 2042	6144000	Res. 2121/2024
BERNAL AMAYA HECTOR DANIEL	COLOMBIA	BOGOTA D.C.	BOGOTA	MAGISTER	CAT_ASO	PREGRADO INGENIERIA MECATRONICA (CAMPUS)	mecatronica.campus@unimilitar.edu.co	6500000 - 3009	5680000	Res. 2121/2024
BERNAL LOPEZ NICOLAS	COLOMBIA	BOGOTA D.C.	BOGOTA	MAGISTER	CAT_AUX	PREGRADO ADMINISTRACION DE EMPRESAS	administracion@unimilitar.edu.co	6500000 - 1317	17792000	Res. 2121/2024
BERNAL PACHECO OSCAR	COLOMBIA	CUNDINAMARCA	CHIA	ESPECIALIZACION	CAT_AUX	ESP. MEDICAS	posr.medicinas@unimilitar.edu.co	6500000 - 2042	7080000	Res. 2121/2024
BERNAL RODRIGUEZ OMAR RENE	COLOMBIA	BOGOTA D.C.	BOGOTA	MAGISTER	CAT_ASO	PREGRADO INGENIERIA INDUSTRIAL (CAMPUS)	ingenieria.campus@unimilitar.edu.co	6500000 - 3245	9728000	Res. 2121/2024
BERNAL TRUJILLO GERMAN ALEJANDRO	COLOMBIA	BOGOTA D.C.	BOGOTA	ESPECIALIZACION	CAT_ASO	ESP. MEDICAS	posr.medicinas@unimilitar.edu.co	6500000 - 2042	6144000	Res. 2121/2024
BERRIO HERRERA NICOLAS	COLOMBIA	BOGOTA D.C.	BOGOTA	MAGISTER	CAT_ASO	PREGRADO INGENIERIA MECATRONICA (CAMPUS)	mecatronica.campus@unimilitar.edu.co	6500000 - 3009	11552000	Res. 2121/2024
BERRIO HERRERA NICOLAS	COLOMBIA	BOGOTA D.C.	BOGOTA	MAGISTER	CAT_ASO	PREGRADO INGENIERIA MECATRONICA	ingmecatronica@unimilitar.edu.co	6500000 - 1290	3840000	Res. 2121/2024
BERRIO ZAPATA REMEY ALBERTO	COLOMBIA	BOGOTA D.C.	BOGOTA	MAGISTER	CAT_ASO	DEPARTAMENTO DE HUMANIDADES CAMPUS	humanidades@unimilitar.edu.co	6500000 - 3179	21248000	Res. 2121/2024
BETANCOURT MARTINEZ MARISOL EDILMA	COLOMBIA	ANTIOQUIA	GUARNE	ESPECIALIZACION	CAT_AUX	DEPARTAMENTO DE HUMANIDADES CAMPUS	humanidades@unimilitar.edu.co	6500000 - 3179	3712000	Res. 2121/2024
BETANCUR MONTOYA MANUEL ALEJANDRO	COLOMBIA	ANTIOQUIA	MEDELLIN	MAGISTER	CAT_ASO	PREGRADO RELACIONES INTER Y ESTUDIOS POLITICOS	relinternal@unimilitar.edu.co	6500000 - 1244	10976000	Res. 2121/2024
BLANCO ALVARADO RUTH CAROLINA	COLOMBIA	BOYACA	SOGAMOSO	DOCTORADO	CAT_ASO	CONSULTORIO JURIDICO	consultorio.juridico@unimilitar.edu.co	6500000 - 1239	10224000	Res. 2121/2024
BLANCO CALVETE GREEN PAOLO	COLOMBIA	BOYACA	TUNJA	MAGISTER	CAT_ASO	PREGRADO ADMINISTRACION DE EMPRESAS	administracion@unimilitar.edu.co	6500000 - 1317	9728000	Res. 2121/2024
BLANCO CASTELLANOS ROSIMAN JOHAN	COLOMBIA	SANTANDER	SOCORRO	MAGISTER	CAT_AUX	CONSULTORIO JURIDICO	consultorio.juridico@unimilitar.edu.co	6500000 - 1239	10308000	Res. 2121/2024
BLANCO FERREIRA LAROLYNA	COLOMBIA	BOGOTA D.C.	BOGOTA	ESPECIALIZACION	CAT_AUX	ESP. MEDICAS	posr.medicinas@unimilitar.edu.co	6500000 - 2042	7080000	Res. 2121/2024
BLANCO LONDOÑO SERGIO ANDRES	COLOMBIA	BOGOTA D.C.	BOGOTA	MAGISTER	CAT_ASO	PREGRADO INGENIERIA CIVIL A DISTANCIA	icdistancia@unimilitar.edu.co	7480333 - 6841	2304000	Res. 2121/2024
BLANCO MARTINEZ ARNULFO	COLOMBIA	BOGOTA D.C.	BOGOTA	MAGISTER	CAT_ASO	PREGRADO CONTADURIA	contaduria@unimilitar.edu.co	6500000 - 1315	7424000	Res. 2121/2024
BLANCO ORTIGON OSCAR OSWALDO	COLOMBIA	CUNDINAMARCA	SIMIJACA	ESPECIALIZACION	CAT_AUX	PREGRADO CONTADURIA A DISTANCIA	cpdistancia@unimilitar.edu.co	7480333 - 6841	14894000	Res. 2121/2024
BLANCO PEÑA ROSA CECILIA	COLOMBIA	BOGOTA D.C.	BOGOTA	ESPECIALIZACION	CAT_AUX	CONSULTORIO JURIDICO(CAMPUS)	consultorio.juridico@unimilitar.edu.co	6500000 - 3206	18432000	Res. 2121/2024
BLANCO ROMERO JOSE PEDRO	COLOMBIA	BOGOTA D.C.	BOGOTA	MAGISTER	CAT_ASO	PREGRADO INGENIERIA INDUSTRIAL A DISTANCIA	iidistancia@unimilitar.edu.co	7480333 - 6841	11664000	Res. 2121/2024
BODRIGUEZ CUBILLOS JORGE ENRIQUE	COLOMBIA	BOGOTA D.C.	BOGOTA	ESPECIALIZACION	CAT_AUX	ADMINISTRACION DE SEGURIDAD Y S	artest.campus@unimilitar.edu.co	6500000 - 8093	2944000	Res. 2121/2024
BOLAÑO LOPEZ FABRIZIO	COLOMBIA	MAGDALENA	FUNDACION	MAGISTER	CAT_ASO	PREGRADO INGENIERIA INFORMATICA A DISTANCIA	informatica.distancia@unimilitar.edu.co	6500000 - 8001	9760000	Res. 2121/2024
BOLIVAR RAMIREZ JORGE ENRIQUE	COLOMBIA	BOGOTA D.C.	BOGOTA	MAGISTER	CAT_AUX	PREGRADO ADMON DE EMPRESAS (CAMPUS)	administracion@unimilitar.edu.co	6500000 - 1317	15360000	Res. 2121/2024
BONILLA BRICEÑO JAVIER FERNANDO	COLOMBIA	BOGOTA D.C.	BOGOTA	ESPECIALIZACION	CAT_AUX	PREGRADO MEDICINA	medicina@unimilitar.edu.co	6500000 - 2048	2560000	Res. 2121/2024
BONILLA CORREA MABEL	COLOMBIA	BOGOTA D.C.	BOGOTA	ESPECIALIZACION	CAT_AUX	CONSULTORIO JURIDICO	consultorio.juridico@unimilitar.edu.co	6500000 - 1239	7296000	Res. 2121/2024
BONILLA HERNANDEZ CESAR ALEXANDER	COLOMBIA	CUNDINAMARCA	FUQUENE	MAGISTER	CAT_ASO	DEPARTAMENTO DE HUMANIDADES - DISTANCIA	humanidades@unimilitar.edu.co	7480333 - 6841	12032000	Res. 2121/2024
BONILLA HERNANDEZ CESAR ALEXANDER	COLOMBIA	CUNDINAMARCA	FUQUENE	MAGISTER	CAT_ASO	PREGRADO INGENIERIA MECATRONICA (CAMPUS)	mecatronica.campus@unimilitar.edu.co	6500000 - 3009	6656000	Res. 2121/2024
BORDA PARRA ANA ELSA	COLOMBIA	BOGOTA D.C.	BOGOTA	ESPECIALIZACION	CAT_AUX	PREGRADO ECONOMIA (CAMPUS)	economia@unimilitar.edu.co	6500000 - 3191	8576000	Res. 2121/2024
BORRERO GONZALEZ JUAN PABLO	COLOMBIA	BOGOTA D.C.	BOGOTA	MAGISTER	CAT_ASO	ESP. MEDICAS	posr.medicinas@unimilitar.edu.co	6500000 - 2042	6144000	Res. 2121/2024
BOURDON GARCIA JOSE ALEJANDRO	COLOMBIA	BOGOTA D.C.	BOGOTA	ESPECIALIZACION	CAT_AUX	PREGRADO DERECHO	derecho@unimilitar.edu.co	6500000 - 1244	2304000	Res. 2121/2024
BOURDON GARCIA JOSE ALEJANDRO	COLOMBIA	BOGOTA D.C.	BOGOTA	ESPECIALIZACION	CAT_AUX	DEPARTAMENTO DE QUIMICA - DISTANCIA	departamento.quimica@unimilitar.edu.co	7480333 - 6841	3456000	Res. 2121/2024
BRICEÑO TORRES JUAN SEBASTIAN	COLOMBIA	BOGOTA D.C.	BOGOTA	ESPECIALIZACION	CAT_AUX	CONSULTORIO JURIDICO(CAMPUS)	consultorio.juridico@unimilitar.edu.co	6500000 - 3206	7080000	Res. 2121/2024
BRICEÑO TORRES JUAN SEBASTIAN	COLOMBIA	BOGOTA D.C.	BOGOTA	ESPECIALIZACION	CAT_AUX	DEPARTAMENTO DE HUMANIDADES ****	humanidades@unimilitar.edu.co	6500000 - 3179	2944000	Res. 2121/2024
BUITRAGO AMAROLLO EDWIN CRISTINA	COLOMBIA	BOGOTA D.C.	BOGOTA	ESPECIALIZACION	CAT_AUX	PREGRADO DERECHO(CAMPUS)	derecho@unimilitar.edu.co	6500000 - 3199	10976000	Res. 2121/2024
Liderazgo estratégico con visión neogranadina
